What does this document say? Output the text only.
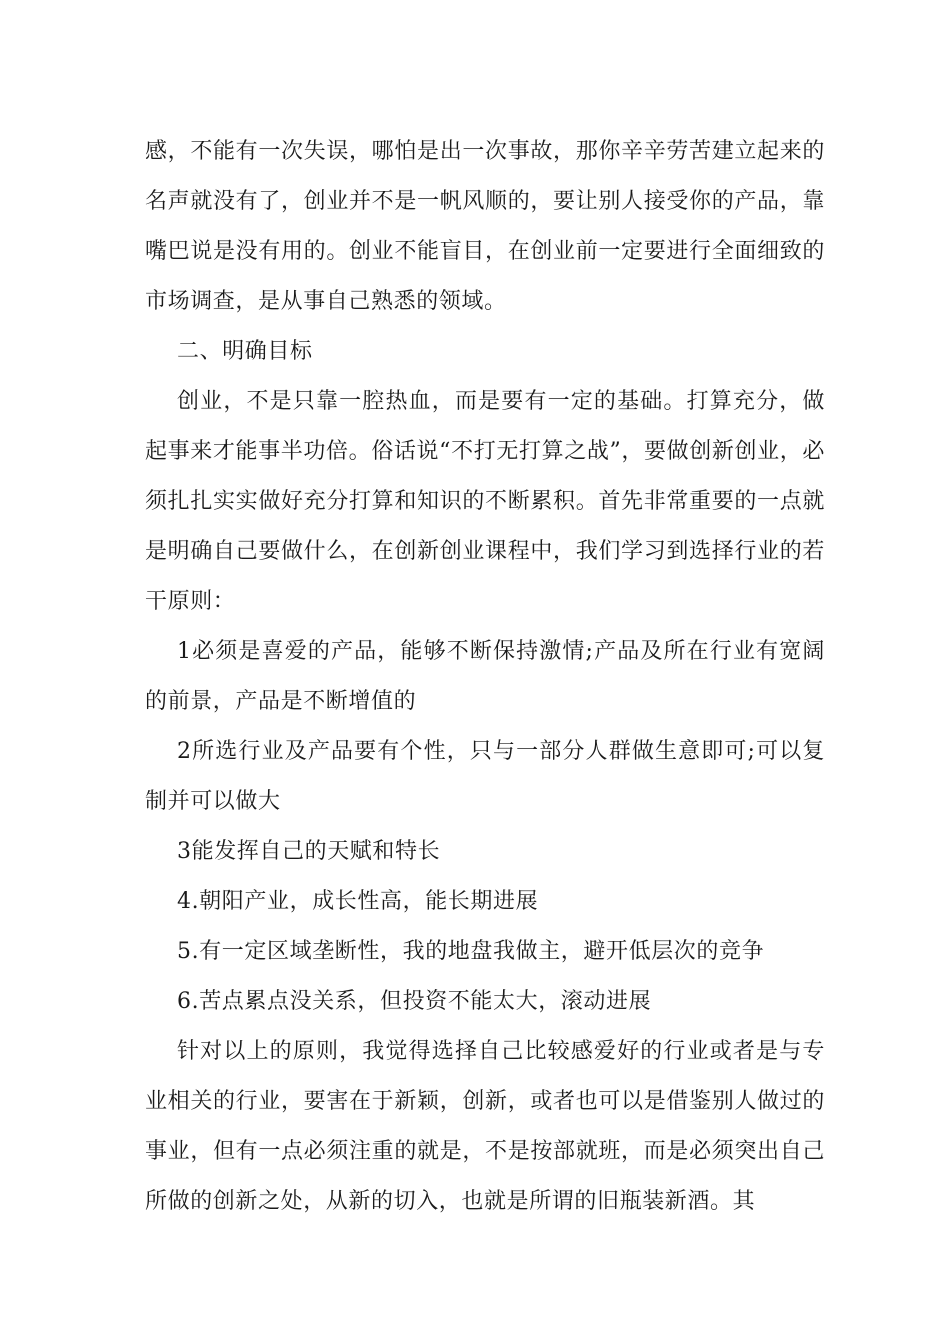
感，不能有一次失误，哪怕是出一次事故，那你辛辛劳苦建立起来的名声就没有了，创业并不是一帆风顺的，要让别人接受你的产品，靠嘴巴说是没有用的。创业不能盲目，在创业前一定要进行全面细致的市场调查，是从事自己熟悉的领域。

二、明确目标

创业，不是只靠一腔热血，而是要有一定的基础。打算充分，做起事来才能事半功倍。俗话说“不打无打算之战”，要做创新创业，必须扎扎实实做好充分打算和知识的不断累积。首先非常重要的一点就是明确自己要做什么，在创新创业课程中，我们学习到选择行业的若干原则：

1必须是喜爱的产品，能够不断保持激情;产品及所在行业有宽阔的前景，产品是不断增值的

2所选行业及产品要有个性，只与一部分人群做生意即可;可以复制并可以做大

3能发挥自己的天赋和特长

4.朝阳产业，成长性高，能长期进展

5.有一定区域垄断性，我的地盘我做主，避开低层次的竞争

6.苦点累点没关系，但投资不能太大，滚动进展

针对以上的原则，我觉得选择自己比较感爱好的行业或者是与专业相关的行业，要害在于新颖，创新，或者也可以是借鉴别人做过的事业，但有一点必须注重的就是，不是按部就班，而是必须突出自己所做的创新之处，从新的切入，也就是所谓的旧瓶装新酒。其
